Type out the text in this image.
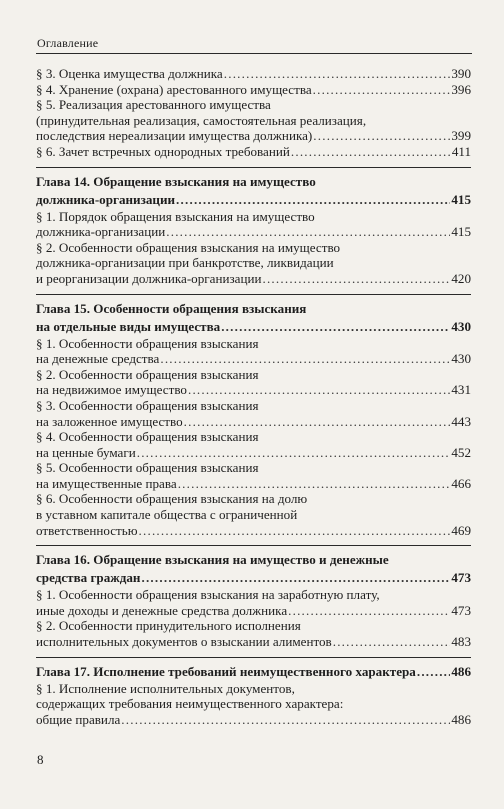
Оглавление
§ 3. Оценка имущества должника .....	390
§ 4. Хранение (охрана) арестованного имущества .....	396
§ 5. Реализация арестованного имущества
(принудительная реализация, самостоятельная реализация,
последствия нереализации имущества должника) .....	399
§ 6. Зачет встречных однородных требований .....	411
Глава 14. Обращение взыскания на имущество
должника-организации .....	415
§ 1. Порядок обращения взыскания на имущество
должника-организации .....	415
§ 2. Особенности обращения взыскания на имущество
должника-организации при банкротстве, ликвидации
и реорганизации должника-организации .....	420
Глава 15. Особенности обращения взыскания
на отдельные виды имущества .....	430
§ 1. Особенности обращения взыскания
на денежные средства .....	430
§ 2. Особенности обращения взыскания
на недвижимое имущество .....	431
§ 3. Особенности обращения взыскания
на заложенное имущество .....	443
§ 4. Особенности обращения взыскания
на ценные бумаги .....	452
§ 5. Особенности обращения взыскания
на имущественные права .....	466
§ 6. Особенности обращения взыскания на долю
в уставном капитале общества с ограниченной
ответственностью .....	469
Глава 16. Обращение взыскания на имущество и денежные
средства граждан .....	473
§ 1. Особенности обращения взыскания на заработную плату,
иные доходы и денежные средства должника .....	473
§ 2. Особенности принудительного исполнения
исполнительных документов о взыскании алиментов .....	483
Глава 17. Исполнение требований неимущественного характера .....	486
§ 1. Исполнение исполнительных документов,
содержащих требования неимущественного характера:
общие правила .....	486
8
